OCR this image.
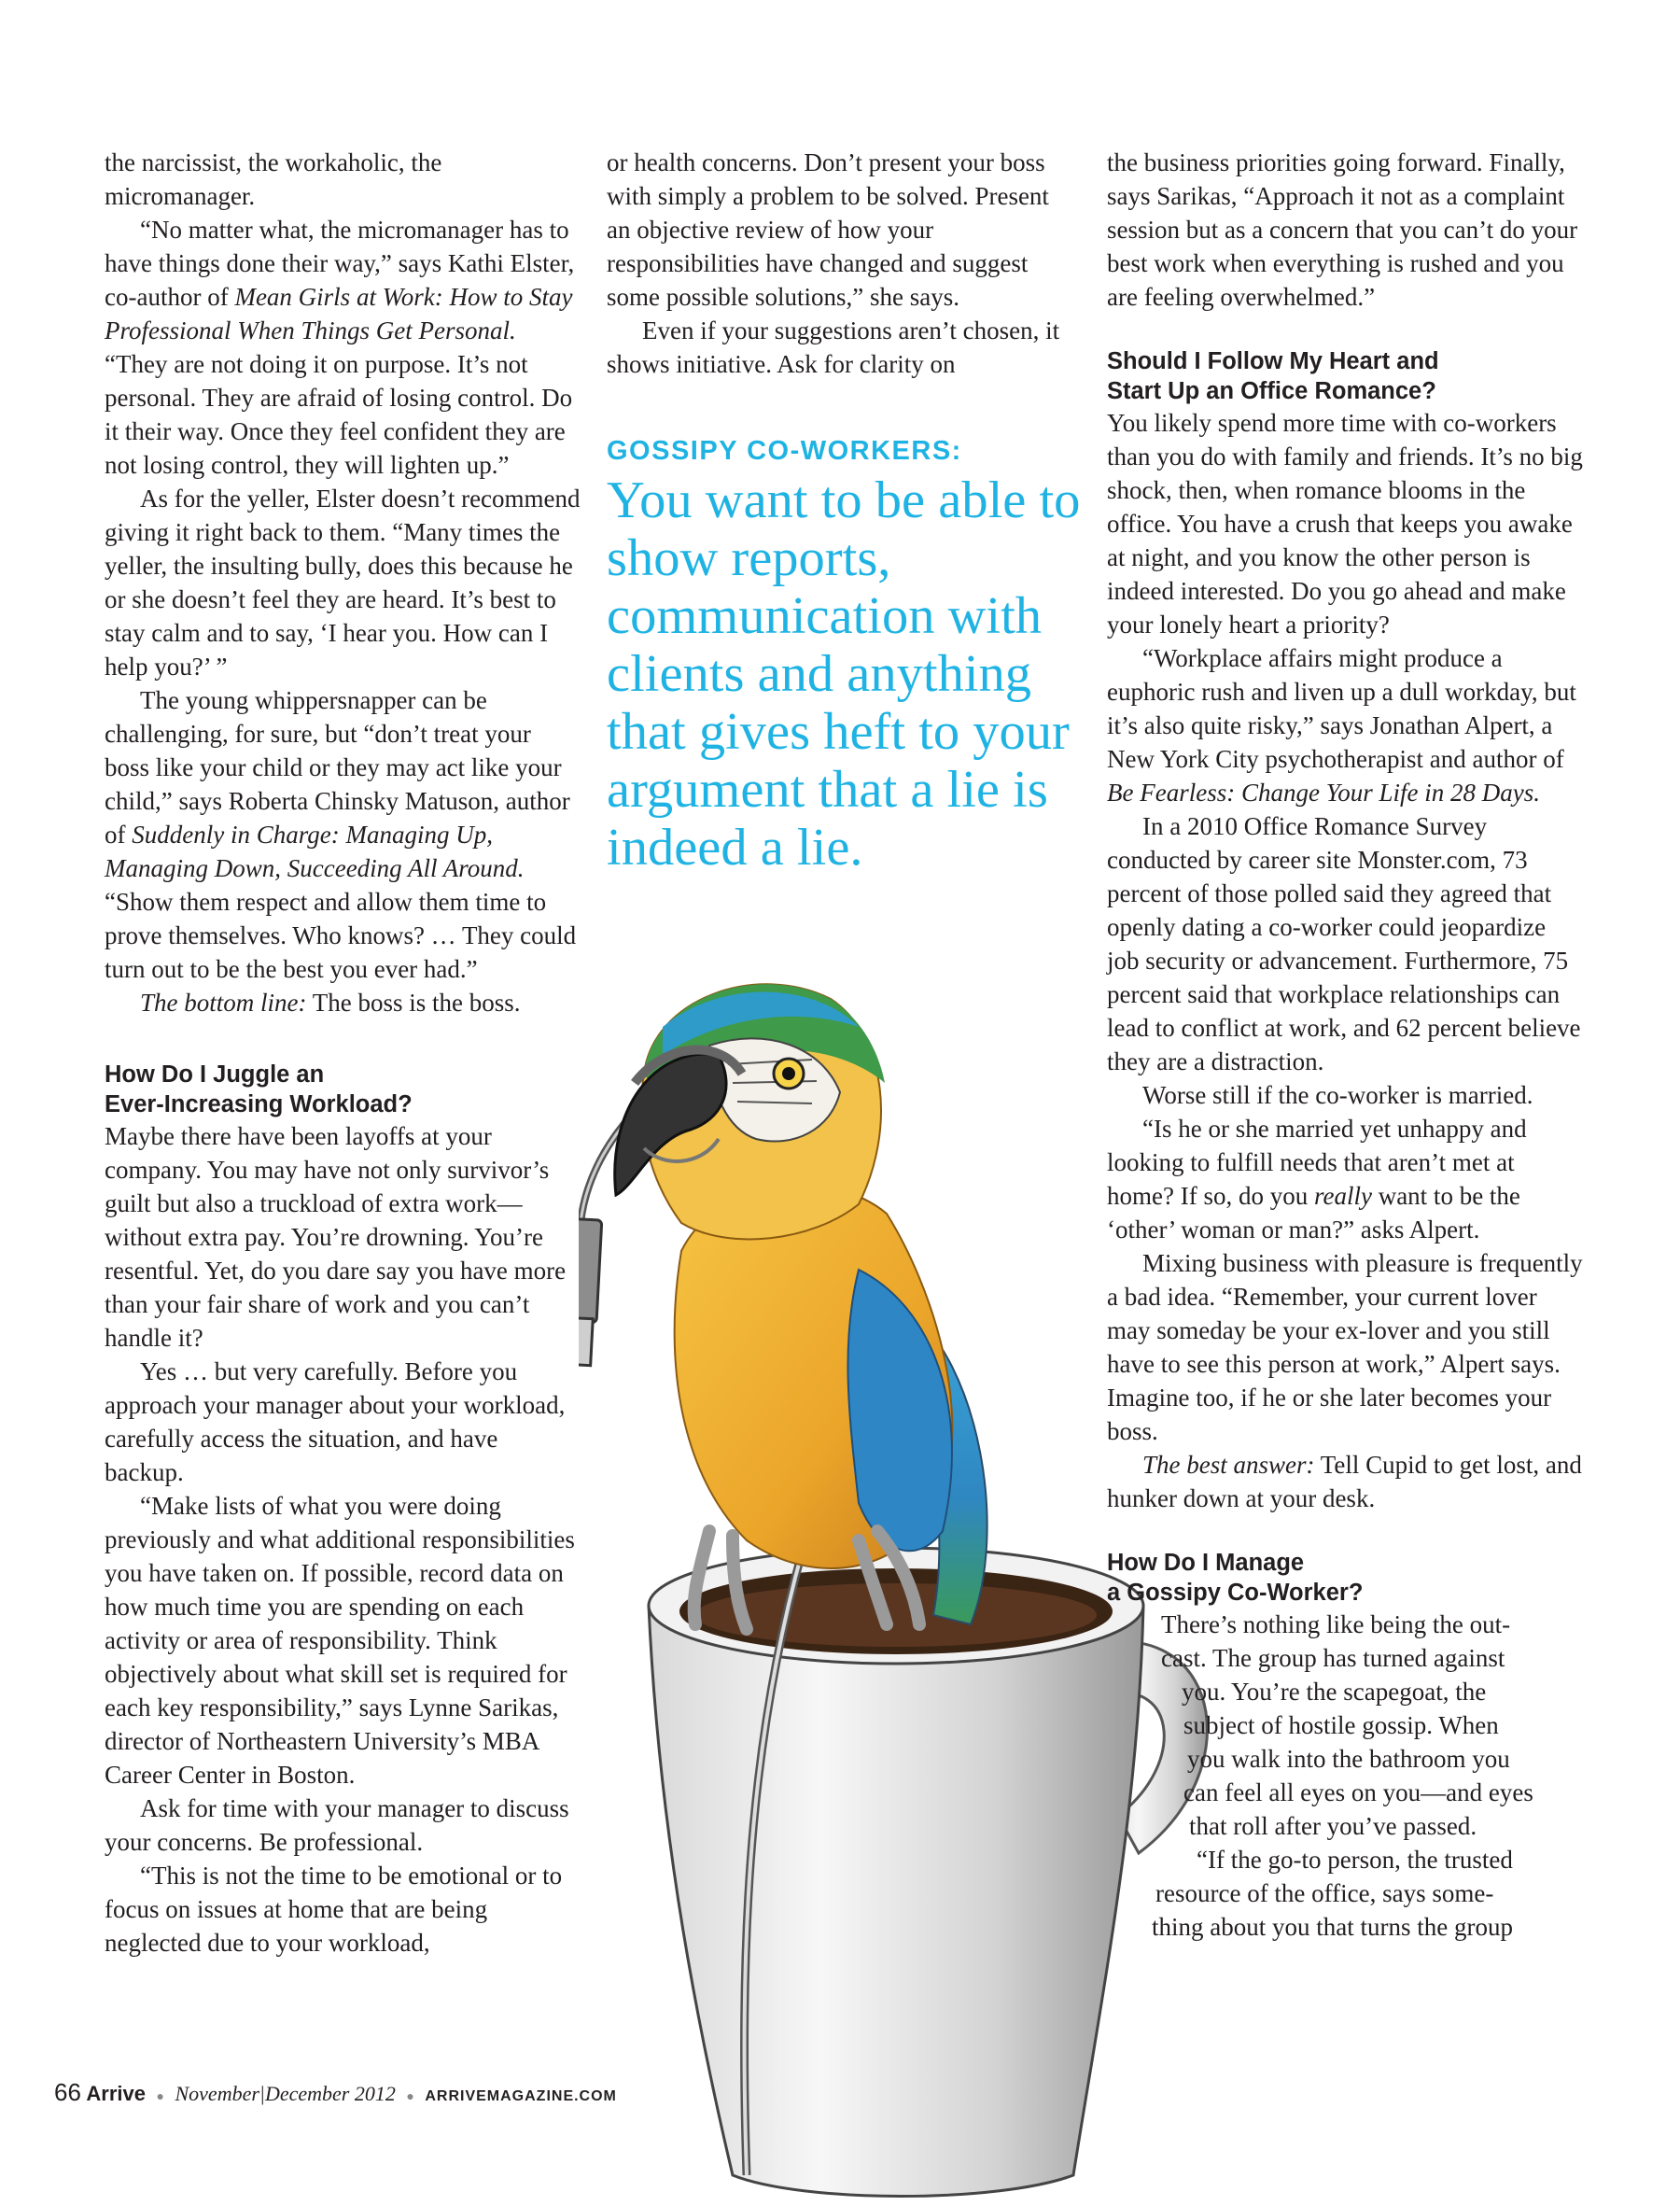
the narcissist, the workaholic, the micromanager.

“No matter what, the micromanager has to have things done their way,” says Kathi Elster, co-author of Mean Girls at Work: How to Stay Professional When Things Get Personal. “They are not doing it on purpose. It’s not personal. They are afraid of losing control. Do it their way. Once they feel confident they are not losing control, they will lighten up.”

As for the yeller, Elster doesn’t recommend giving it right back to them. “Many times the yeller, the insulting bully, does this because he or she doesn’t feel they are heard. It’s best to stay calm and to say, ‘I hear you. How can I help you?’ ”

The young whippersnapper can be challenging, for sure, but “don’t treat your boss like your child or they may act like your child,” says Roberta Chinsky Matuson, author of Suddenly in Charge: Managing Up, Managing Down, Succeeding All Around. “Show them respect and allow them time to prove themselves. Who knows? … They could turn out to be the best you ever had.”

The bottom line: The boss is the boss.

How Do I Juggle an
Ever-Increasing Workload?

Maybe there have been layoffs at your company. You may have not only survivor’s guilt but also a truckload of extra work—without extra pay. You’re drowning. You’re resentful. Yet, do you dare say you have more than your fair share of work and you can’t handle it?

Yes … but very carefully. Before you approach your manager about your workload, carefully access the situation, and have backup.

“Make lists of what you were doing previously and what additional responsibilities you have taken on. If possible, record data on how much time you are spending on each activity or area of responsibility. Think objectively about what skill set is required for each key responsibility,” says Lynne Sarikas, director of Northeastern University’s MBA Career Center in Boston.

Ask for time with your manager to discuss your concerns. Be professional.

“This is not the time to be emotional or to focus on issues at home that are being neglected due to your workload,

or health concerns. Don’t present your boss with simply a problem to be solved. Present an objective review of how your responsibilities have changed and suggest some possible solutions,” she says.

Even if your suggestions aren’t chosen, it shows initiative. Ask for clarity on

GOSSIPY CO-WORKERS:
You want to be able to show reports, communication with clients and anything that gives heft to your argument that a lie is indeed a lie.

the business priorities going forward. Finally, says Sarikas, “Approach it not as a complaint session but as a concern that you can’t do your best work when everything is rushed and you are feeling overwhelmed.”

Should I Follow My Heart and
Start Up an Office Romance?

You likely spend more time with co-workers than you do with family and friends. It’s no big shock, then, when romance blooms in the office. You have a crush that keeps you awake at night, and you know the other person is indeed interested. Do you go ahead and make your lonely heart a priority?

“Workplace affairs might produce a euphoric rush and liven up a dull workday, but it’s also quite risky,” says Jonathan Alpert, a New York City psychotherapist and author of Be Fearless: Change Your Life in 28 Days.

In a 2010 Office Romance Survey conducted by career site Monster.com, 73 percent of those polled said they agreed that openly dating a co-worker could jeopardize job security or advancement. Furthermore, 75 percent said that workplace relationships can lead to conflict at work, and 62 percent believe they are a distraction.

Worse still if the co-worker is married.

“Is he or she married yet unhappy and looking to fulfill needs that aren’t met at home? If so, do you really want to be the ‘other’ woman or man?” asks Alpert.

Mixing business with pleasure is frequently a bad idea. “Remember, your current lover may someday be your ex-lover and you still have to see this person at work,” Alpert says. Imagine too, if he or she later becomes your boss.

The best answer: Tell Cupid to get lost, and hunker down at your desk.

How Do I Manage
a Gossipy Co-Worker?

There’s nothing like being the out-

cast. The group has turned against

you. You’re the scapegoat, the

subject of hostile gossip. When

you walk into the bathroom you

can feel all eyes on you—and eyes

that roll after you’ve passed.

“If the go-to person, the trusted

resource of the office, says some-

thing about you that turns the group

66 Arrive ● November|December 2012 ● ARRIVEMAGAZINE.COM
